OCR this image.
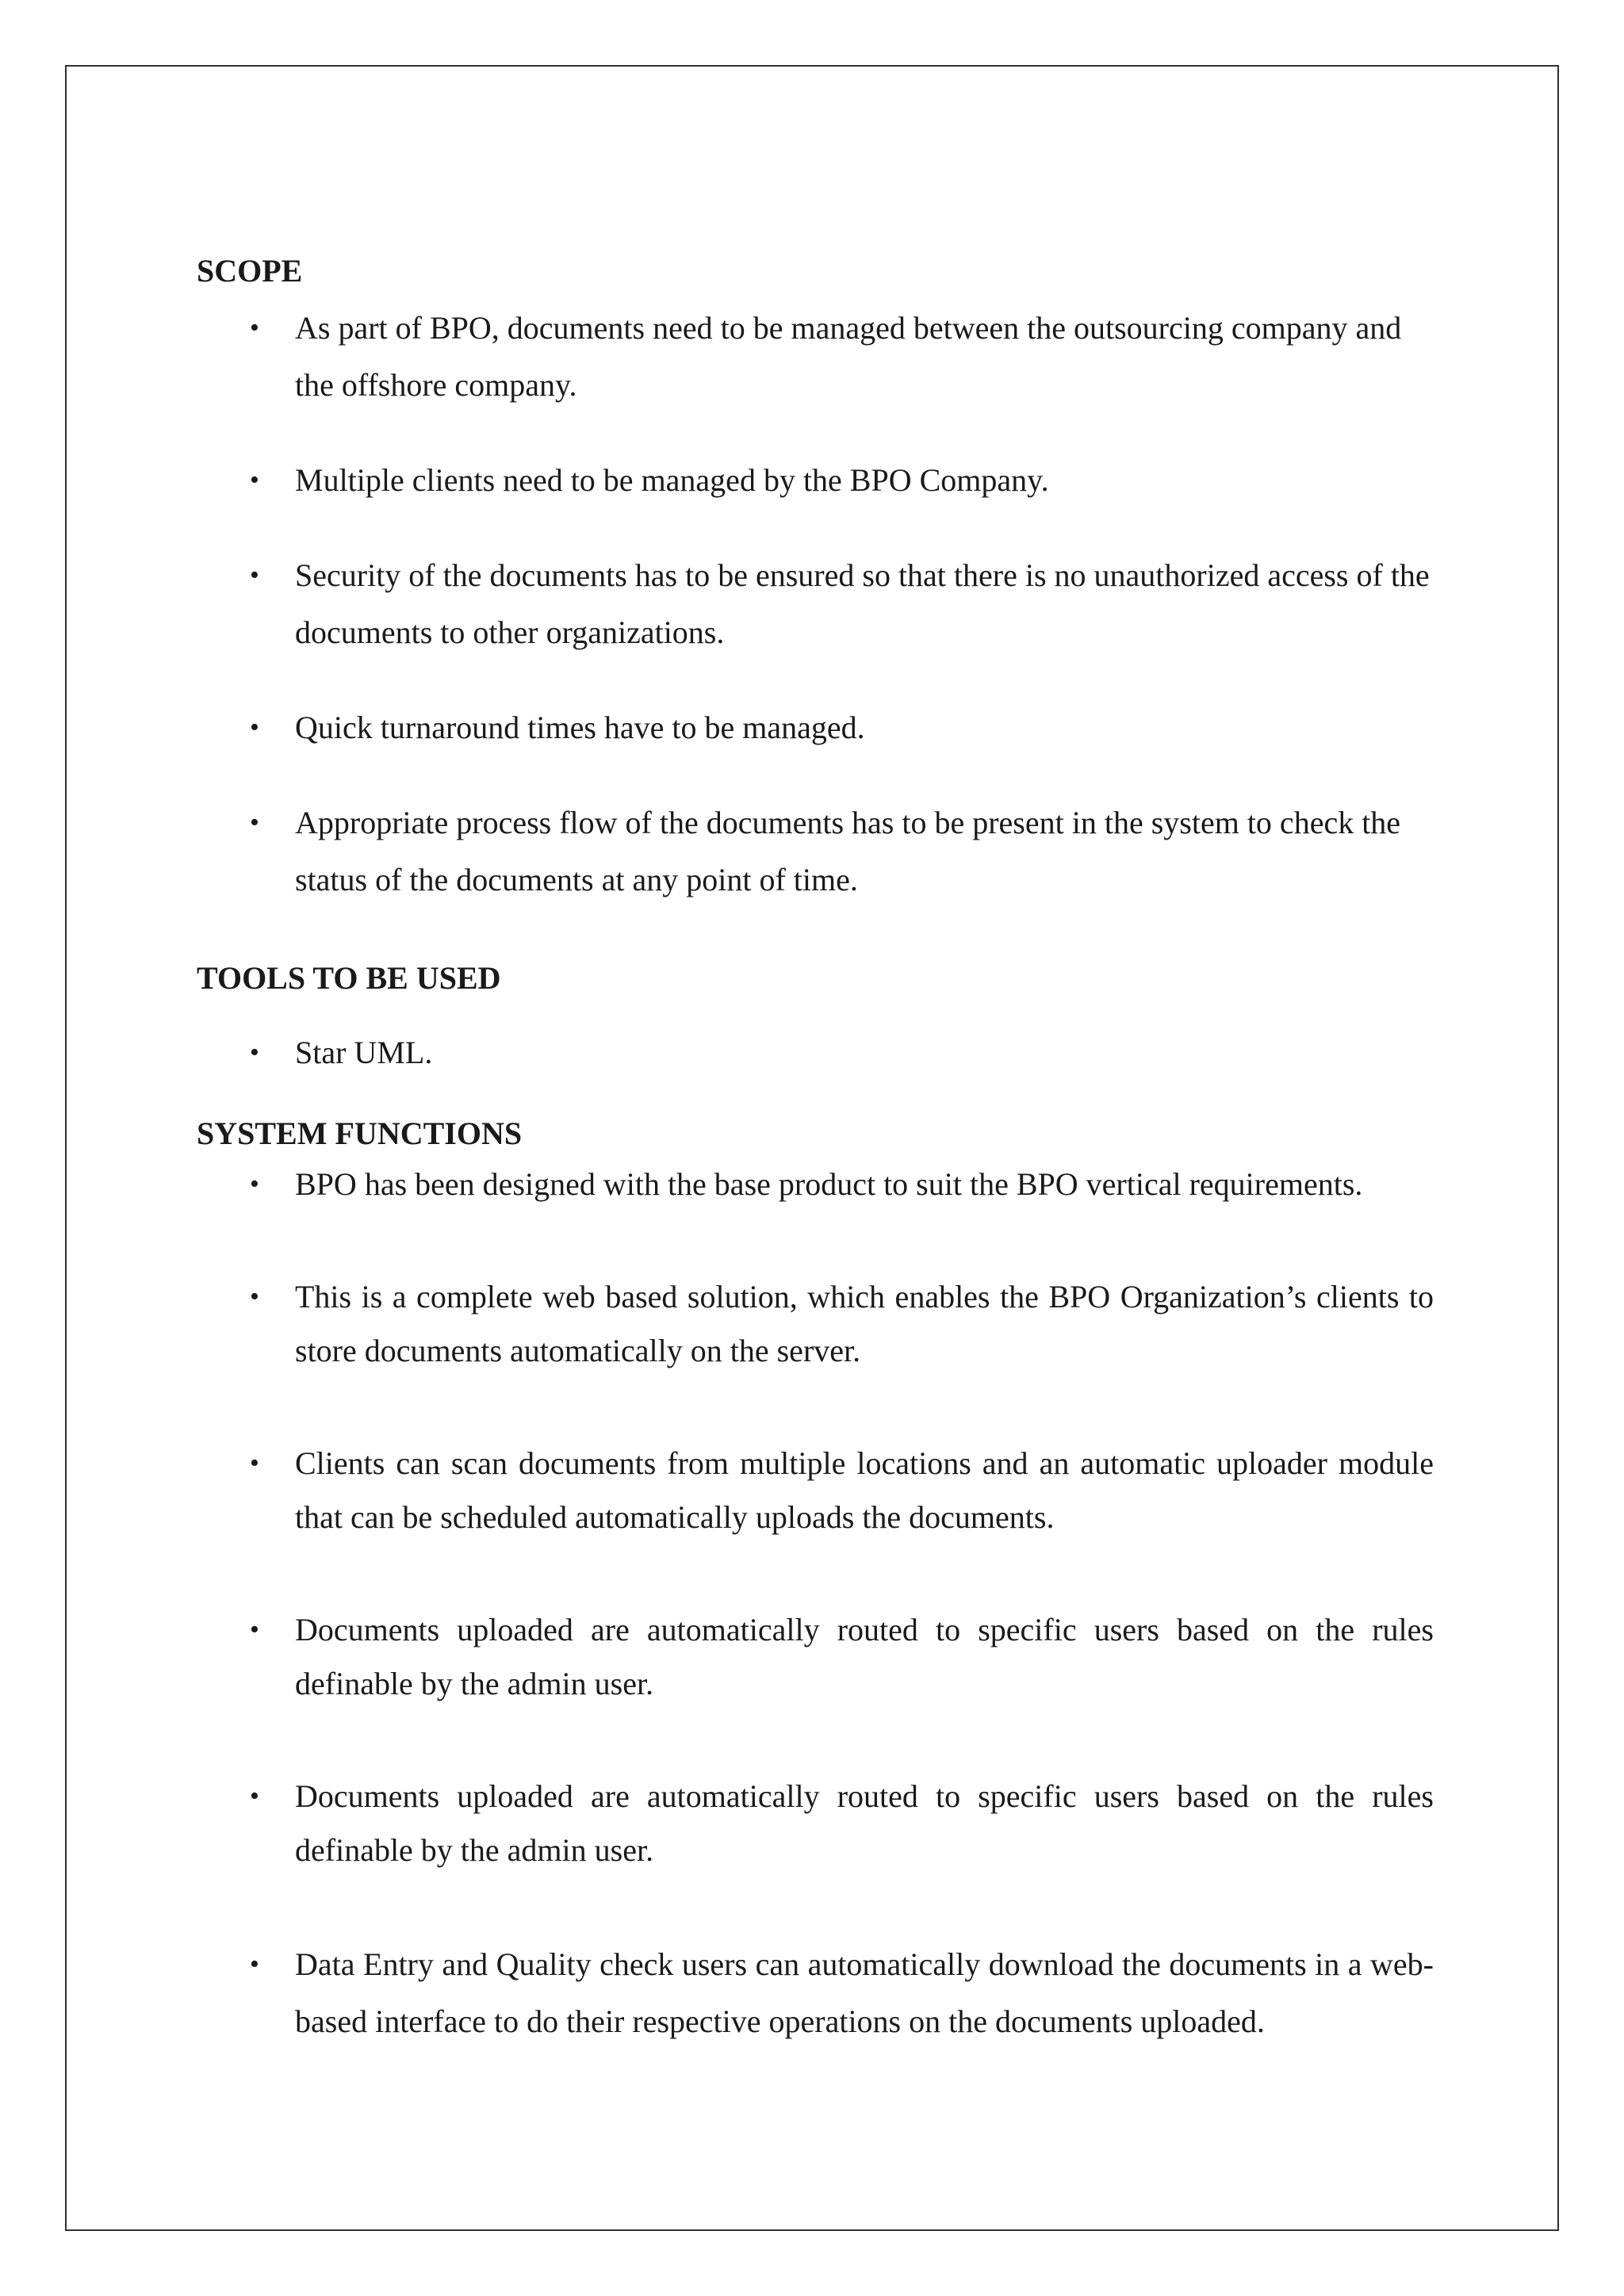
SCOPE
• As part of BPO, documents need to be managed between the outsourcing company and the offshore company.
• Multiple clients need to be managed by the BPO Company.
• Security of the documents has to be ensured so that there is no unauthorized access of the documents to other organizations.
• Quick turnaround times have to be managed.
• Appropriate process flow of the documents has to be present in the system to check the status of the documents at any point of time.
TOOLS TO BE USED
• Star UML.
SYSTEM FUNCTIONS
• BPO has been designed with the base product to suit the BPO vertical requirements.
• This is a complete web based solution, which enables the BPO Organization’s clients to store documents automatically on the server.
• Clients can scan documents from multiple locations and an automatic uploader module that can be scheduled automatically uploads the documents.
• Documents uploaded are automatically routed to specific users based on the rules definable by the admin user.
• Documents uploaded are automatically routed to specific users based on the rules definable by the admin user.
• Data Entry and Quality check users can automatically download the documents in a web- based interface to do their respective operations on the documents uploaded.
